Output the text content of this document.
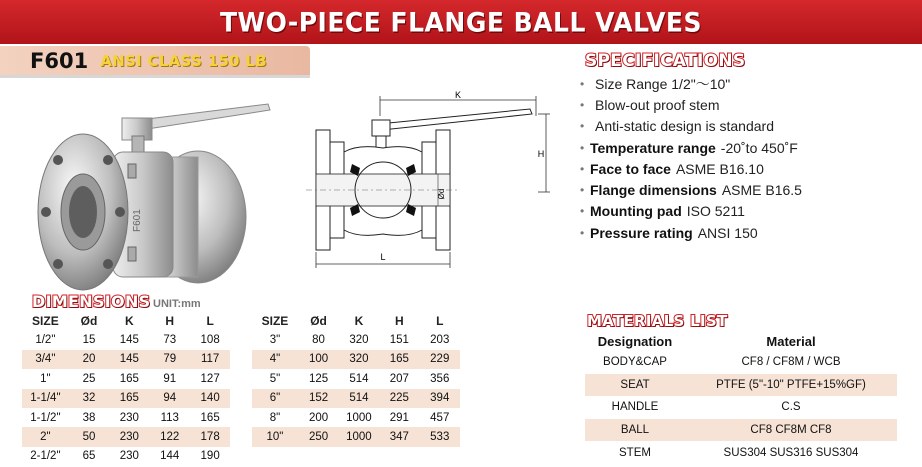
TWO-PIECE FLANGE BALL VALVES
F601 ANSI CLASS 150 LB
F601
K
H
Ød
L
SPECIFICATIONS
• Size Range 1/2"～10"
• Blow-out proof stem
• Anti-static design is standard
• Temperature range -20˚to 450˚F
• Face to face ASME B16.10
• Flange dimensions ASME B16.5
• Mounting pad ISO 5211
• Pressure rating ANSI 150
DIMENSIONS UNIT:mm
SIZE	Ød	K	H	L		SIZE	Ød	K	H	L
1/2"	15	145	73	108		3"	80	320	151	203
3/4"	20	145	79	117		4"	100	320	165	229
1"	25	165	91	127		5"	125	514	207	356
1-1/4"	32	165	94	140		6"	152	514	225	394
1-1/2"	38	230	113	165		8"	200	1000	291	457
2"	50	230	122	178		10"	250	1000	347	533
2-1/2"	65	230	144	190						
MATERIALS LIST
Designation	Material
BODY&CAP	CF8 / CF8M / WCB
SEAT	PTFE (5"-10" PTFE+15%GF)
HANDLE	C.S
BALL	CF8 CF8M CF8
STEM	SUS304 SUS316 SUS304
